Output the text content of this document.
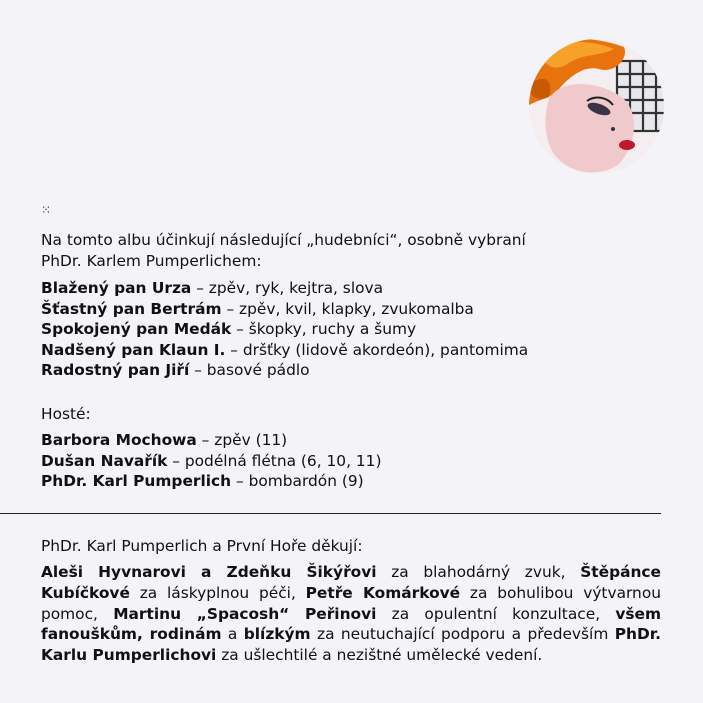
⁙
Na tomto albu účinkují následující „hudebníci“, osobně vybraní
PhDr. Karlem Pumperlichem:
Blažený pan Urza – zpěv, ryk, kejtra, slova
Šťastný pan Bertrám – zpěv, kvil, klapky, zvukomalba
Spokojený pan Medák – škopky, ruchy a šumy
Nadšený pan Klaun I. – dršťky (lidově akordeón), pantomima
Radostný pan Jiří – basové pádlo
Hosté:
Barbora Mochowa – zpěv (11)
Dušan Navařík – podélná flétna (6, 10, 11)
PhDr. Karl Pumperlich – bombardón (9)
PhDr. Karl Pumperlich a První Hoře děkují:
Aleši Hyvnarovi a Zdeňku Šikýřovi za blahodárný zvuk, Štěpánce Kubíčkové za láskyplnou péči, Petře Komárkové za bohulibou výtvarnou pomoc, Martinu „Spacosh“ Peřinovi za opulentní konzultace, všem fanouškům, rodinám a blízkým za neutuchající podporu a především PhDr. Karlu Pumperlichovi za ušlechtilé a nezištné umělecké vedení.
